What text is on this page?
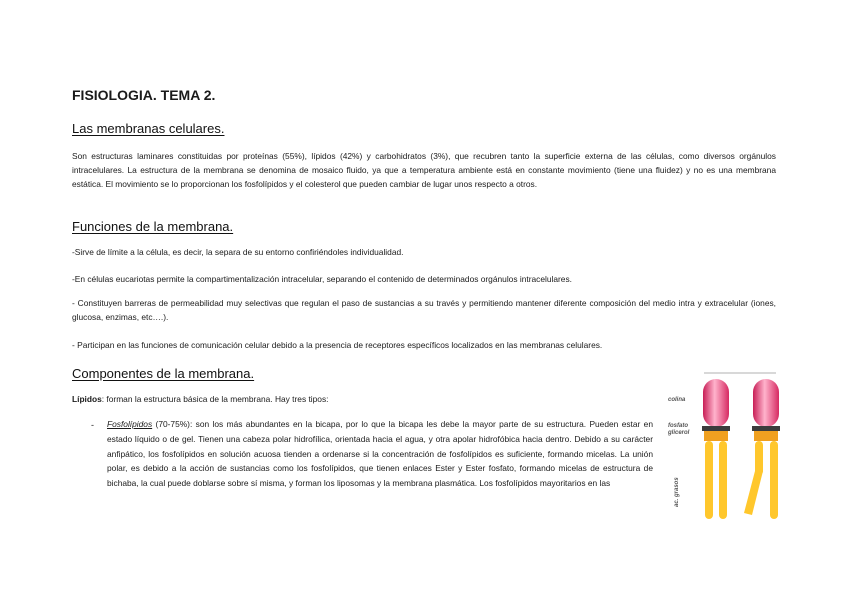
FISIOLOGIA. TEMA 2.
Las membranas celulares.

Son estructuras laminares constituidas por proteínas (55%), lípidos (42%) y carbohidratos (3%), que recubren tanto la superficie externa de las células, como diversos orgánulos intracelulares. La estructura de la membrana se denomina de mosaico fluido, ya que a temperatura ambiente está en constante movimiento (tiene una fluidez) y no es una membrana estática. El movimiento se lo proporcionan los fosfolípidos y el colesterol que pueden cambiar de lugar unos respecto a otros.

Funciones de la membrana.

-Sirve de límite a la célula, es decir, la separa de su entorno confiriéndoles individualidad.

-En células eucariotas permite la compartimentalización intracelular, separando el contenido de determinados orgánulos intracelulares.

- Constituyen barreras de permeabilidad muy selectivas que regulan el paso de sustancias a su través y permitiendo mantener diferente composición del medio intra y extracelular (iones, glucosa, enzimas, etc….).

- Participan en las funciones de comunicación celular debido a la presencia de receptores específicos localizados en las membranas celulares.

Componentes de la membrana.

Lípidos: forman la estructura básica de la membrana. Hay tres tipos:

- Fosfolípidos (70-75%): son los más abundantes en la bicapa, por lo que la bicapa les debe la mayor parte de su estructura. Pueden estar en estado líquido o de gel. Tienen una cabeza polar hidrofílica, orientada hacia el agua, y otra apolar hidrofóbica hacia dentro. Debido a su carácter anfipático, los fosfolípidos en solución acuosa tienden a ordenarse si la concentración de fosfolípidos es suficiente, formando micelas. La unión polar, es debido a la acción de sustancias como los fosfolípidos, que tienen enlaces Ester y Ester fosfato, formando micelas de estructura de bichaba, la cual puede doblarse sobre sí misma, y forman los liposomas y la membrana plasmática. Los fosfolípidos mayoritarios en las

colina

fosfato

glicerol

ac. grasos
